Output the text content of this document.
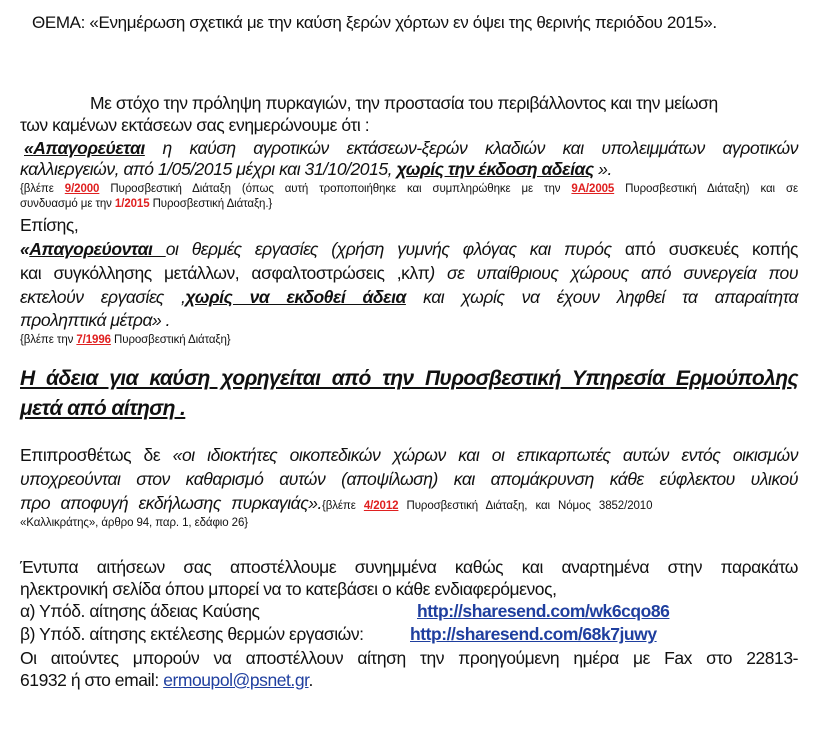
ΘΕΜΑ: «Ενημέρωση σχετικά με την καύση ξερών χόρτων εν όψει της θερινής περιόδου 2015».
Με στόχο την πρόληψη πυρκαγιών, την προστασία του περιβάλλοντος και την μείωση
των καμένων εκτάσεων σας ενημερώνουμε ότι :
«Απαγορεύεται η καύση αγροτικών εκτάσεων-ξερών κλαδιών και υπολειμμάτων αγροτικών
καλλιεργειών, από 1/05/2015 μέχρι και 31/10/2015, χωρίς την έκδοση αδείας ».
{βλέπε 9/2000 Πυροσβεστική Διάταξη (όπως αυτή τροποποιήθηκε και συμπληρώθηκε με την 9A/2005 Πυροσβεστική Διάταξη) και σε
συνδυασμό με την 1/2015 Πυροσβεστική Διάταξη.}
Επίσης,
«Απαγορεύονται οι θερμές εργασίες (χρήση γυμνής φλόγας και πυρός από συσκευές κοπής
και συγκόλλησης μετάλλων, ασφαλτοστρώσεις ,κλπ) σε υπαίθριους χώρους από συνεργεία που
εκτελούν εργασίες ,χωρίς να εκδοθεί άδεια και χωρίς να έχουν ληφθεί τα απαραίτητα
προληπτικά μέτρα» .
{βλέπε την 7/1996 Πυροσβεστική Διάταξη}
Η άδεια για καύση χορηγείται από την Πυροσβεστική Υπηρεσία Ερμούπολης
μετά από αίτηση .
Επιπροσθέτως δε «οι ιδιοκτήτες οικοπεδικών χώρων και οι επικαρπωτές αυτών εντός οικισμών
υποχρεούνται στον καθαρισμό αυτών (αποψίλωση) και απομάκρυνση κάθε εύφλεκτου υλικού
προ αποφυγή εκδήλωσης πυρκαγιάς».{βλέπε 4/2012 Πυροσβεστική Διάταξη, και Νόμος 3852/2010
«Καλλικράτης», άρθρο 94, παρ. 1, εδάφιο 26}
Έντυπα αιτήσεων σας αποστέλλουμε συνημμένα καθώς και αναρτημένα στην παρακάτω
ηλεκτρονική σελίδα όπου μπορεί να το κατεβάσει ο κάθε ενδιαφερόμενος,
α) Υπόδ. αίτησης άδειας Καύσης	http://sharesend.com/wk6cqo86
β) Υπόδ. αίτησης εκτέλεσης θερμών εργασιών:	http://sharesend.com/68k7juwy
Οι αιτούντες μπορούν να αποστέλλουν αίτηση την προηγούμενη ημέρα με Fax στο 22813-
61932 ή στο email: ermoupol@psnet.gr.
